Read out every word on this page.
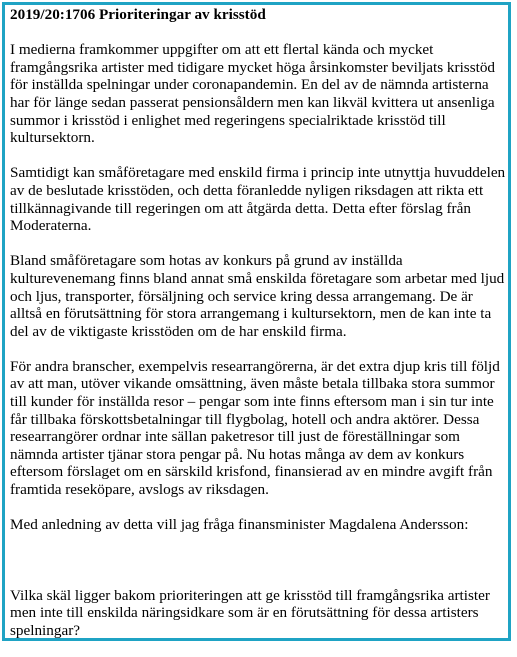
2019/20:1706 Prioriteringar av krisstöd

I medierna framkommer uppgifter om att ett flertal kända och mycket framgångsrika artister med tidigare mycket höga årsinkomster beviljats krisstöd för inställda spelningar under coronapandemin. En del av de nämnda artisterna har för länge sedan passerat pensionsåldern men kan likväl kvittera ut ansenliga summor i krisstöd i enlighet med regeringens specialriktade krisstöd till kultursektorn.

Samtidigt kan småföretagare med enskild firma i princip inte utnyttja huvuddelen av de beslutade krisstöden, och detta föranledde nyligen riksdagen att rikta ett tillkännagivande till regeringen om att åtgärda detta. Detta efter förslag från Moderaterna.

Bland småföretagare som hotas av konkurs på grund av inställda kulturevenemang finns bland annat små enskilda företagare som arbetar med ljud och ljus, transporter, försäljning och service kring dessa arrangemang. De är alltså en förutsättning för stora arrangemang i kultursektorn, men de kan inte ta del av de viktigaste krisstöden om de har enskild firma.

För andra branscher, exempelvis researrangörerna, är det extra djup kris till följd av att man, utöver vikande omsättning, även måste betala tillbaka stora summor till kunder för inställda resor – pengar som inte finns eftersom man i sin tur inte får tillbaka förskottsbetalningar till flygbolag, hotell och andra aktörer. Dessa researrangörer ordnar inte sällan paketresor till just de föreställningar som nämnda artister tjänar stora pengar på. Nu hotas många av dem av konkurs eftersom förslaget om en särskild krisfond, finansierad av en mindre avgift från framtida reseköpare, avslogs av riksdagen.

Med anledning av detta vill jag fråga finansminister Magdalena Andersson:

Vilka skäl ligger bakom prioriteringen att ge krisstöd till framgångsrika artister men inte till enskilda näringsidkare som är en förutsättning för dessa artisters spelningar?
